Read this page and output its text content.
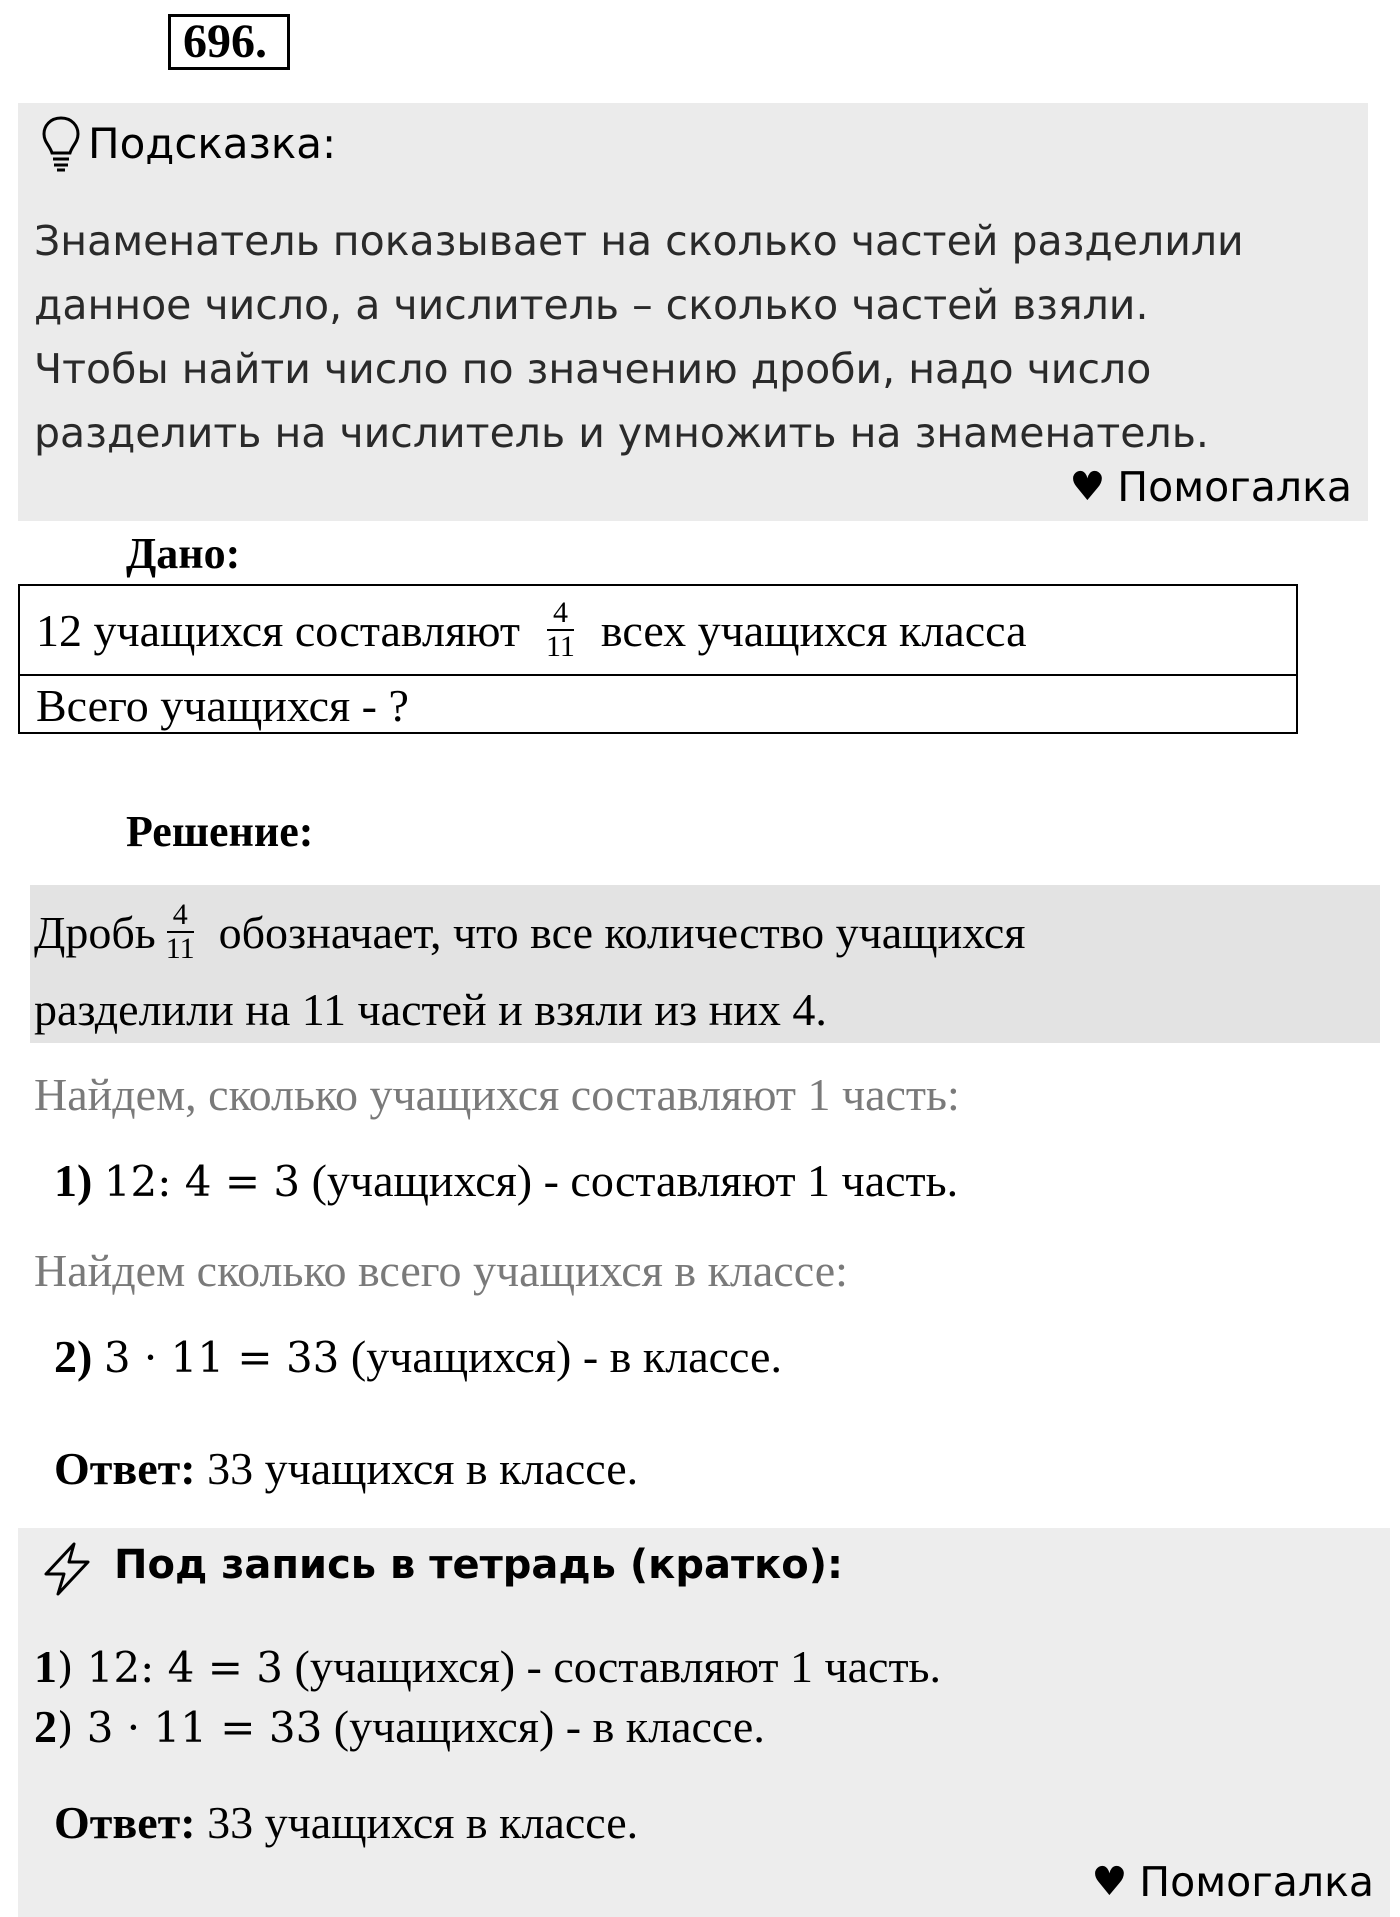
696.
Подсказка:
Знаменатель показывает на сколько частей разделили
данное число, а числитель – сколько частей взяли.
Чтобы найти число по значению дроби, надо число
разделить на числитель и умножить на знаменатель.
♥ Помогалка
Дано:
12 учащихся составляют $\frac{4}{11}$ всех учащихся класса
Всего учащихся - ?
Решение:
Дробь $\frac{4}{11}$ обозначает, что все количество учащихся
разделили на 11 частей и взяли из них 4.
Найдем, сколько учащихся составляют 1 часть:
1) 12: 4 = 3 (учащихся) - составляют 1 часть.
Найдем сколько всего учащихся в классе:
2) 3 · 11 = 33 (учащихся) - в классе.
Ответ: 33 учащихся в классе.
Под запись в тетрадь (кратко):
1) 12: 4 = 3 (учащихся) - составляют 1 часть.
2) 3 · 11 = 33 (учащихся) - в классе.
Ответ: 33 учащихся в классе.
♥ Помогалка
